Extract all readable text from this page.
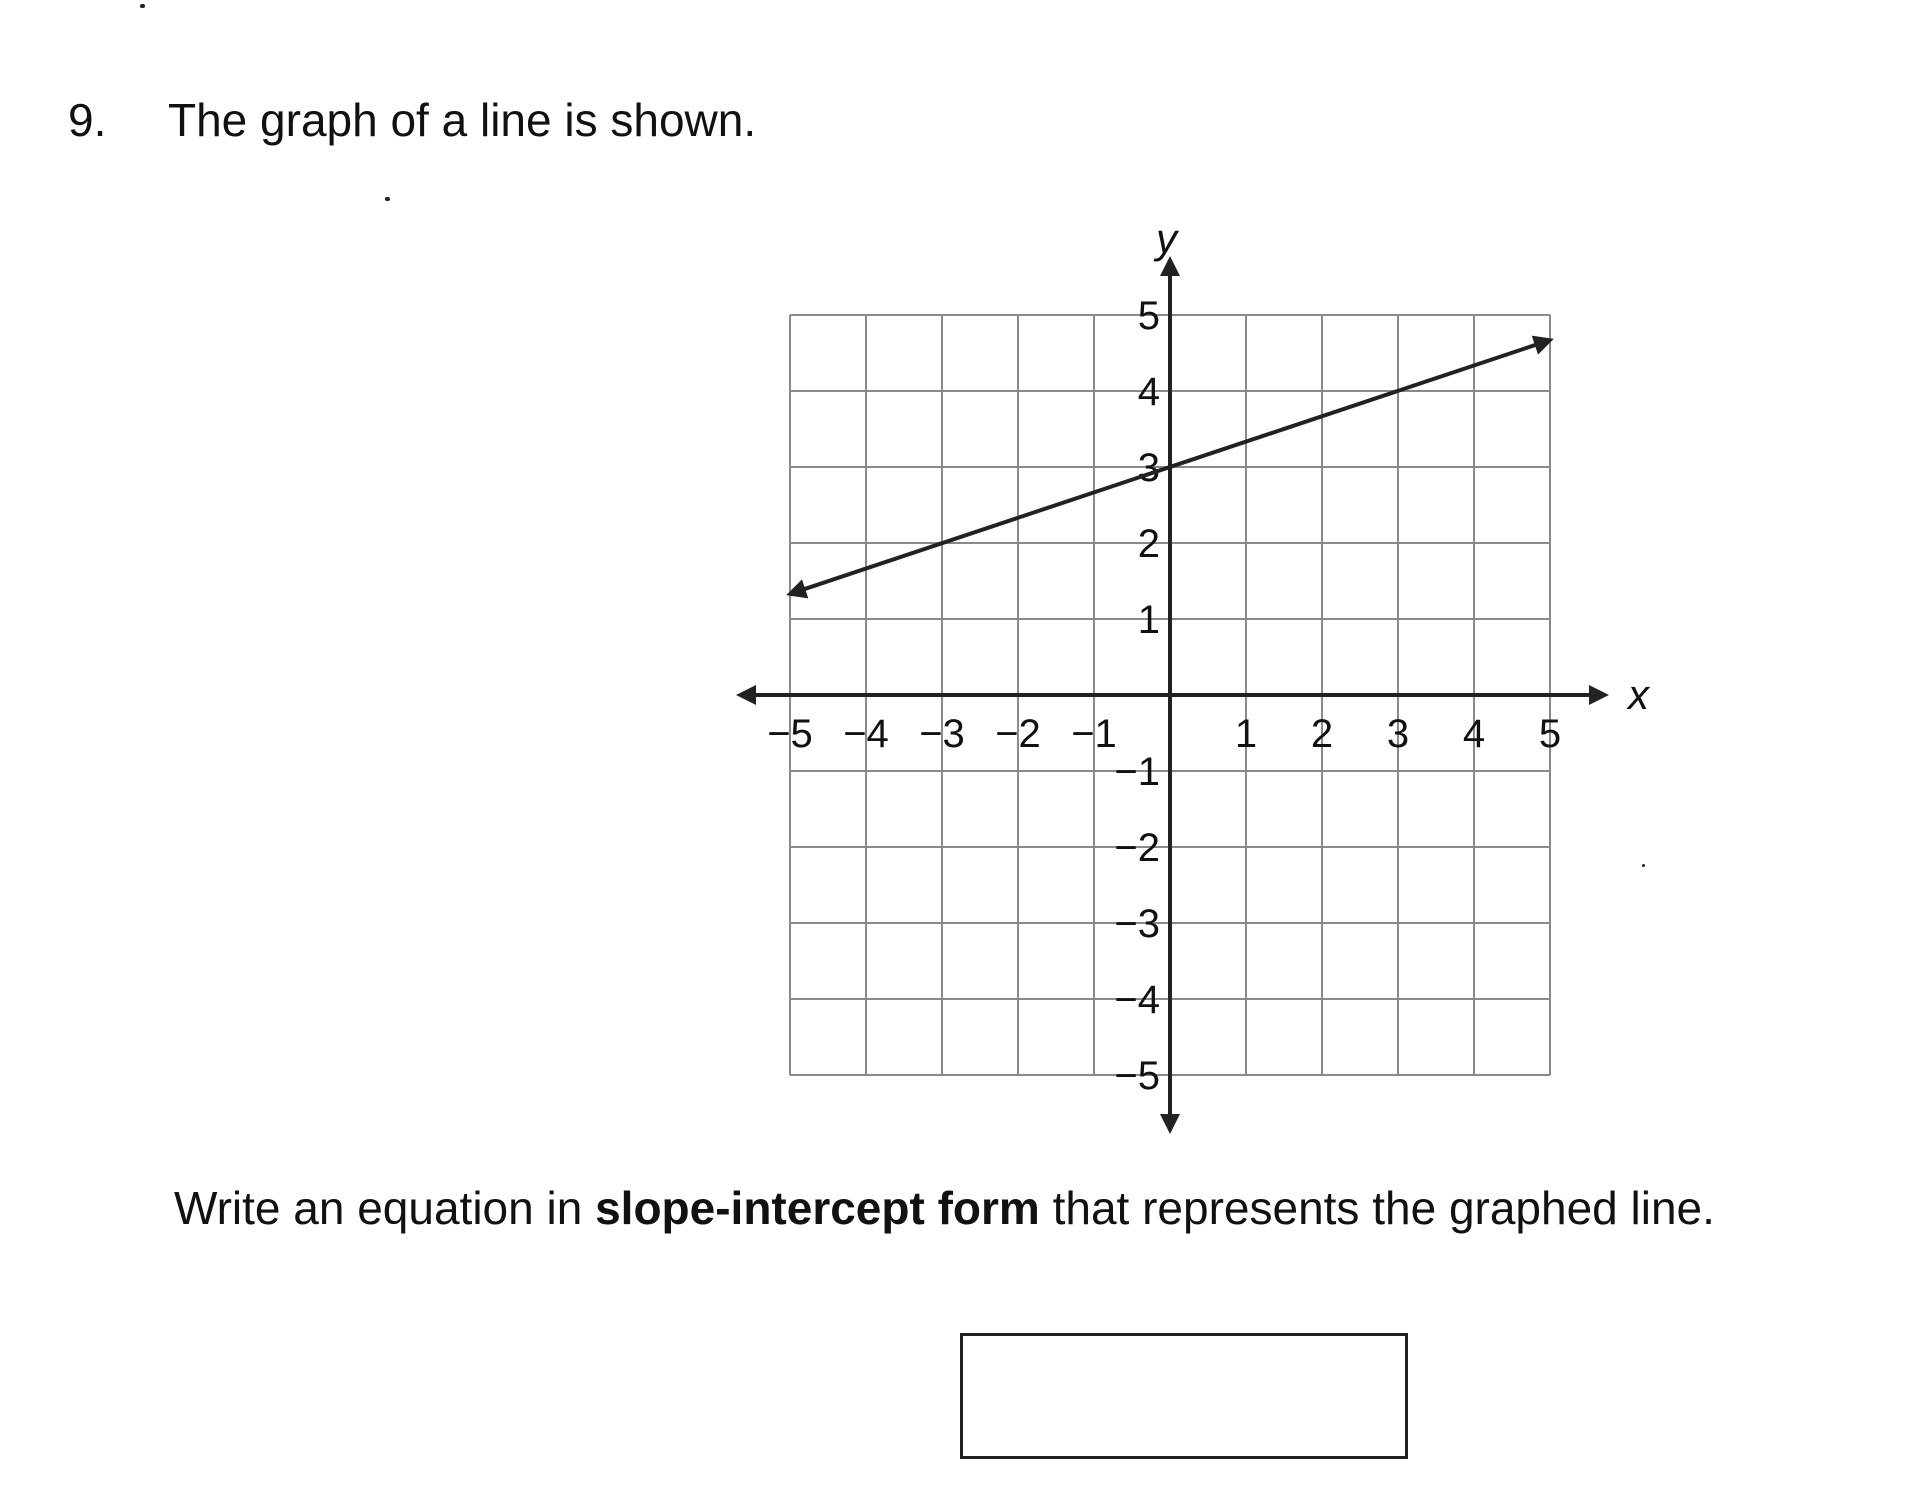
9. The graph of a line is shown.
x
y
−5 −4 −3 −2 −1	1 2 3 4 5
5
4
3
2
1
−1
−2
−3
−4
−5
Write an equation in slope-intercept form that represents the graphed line.
